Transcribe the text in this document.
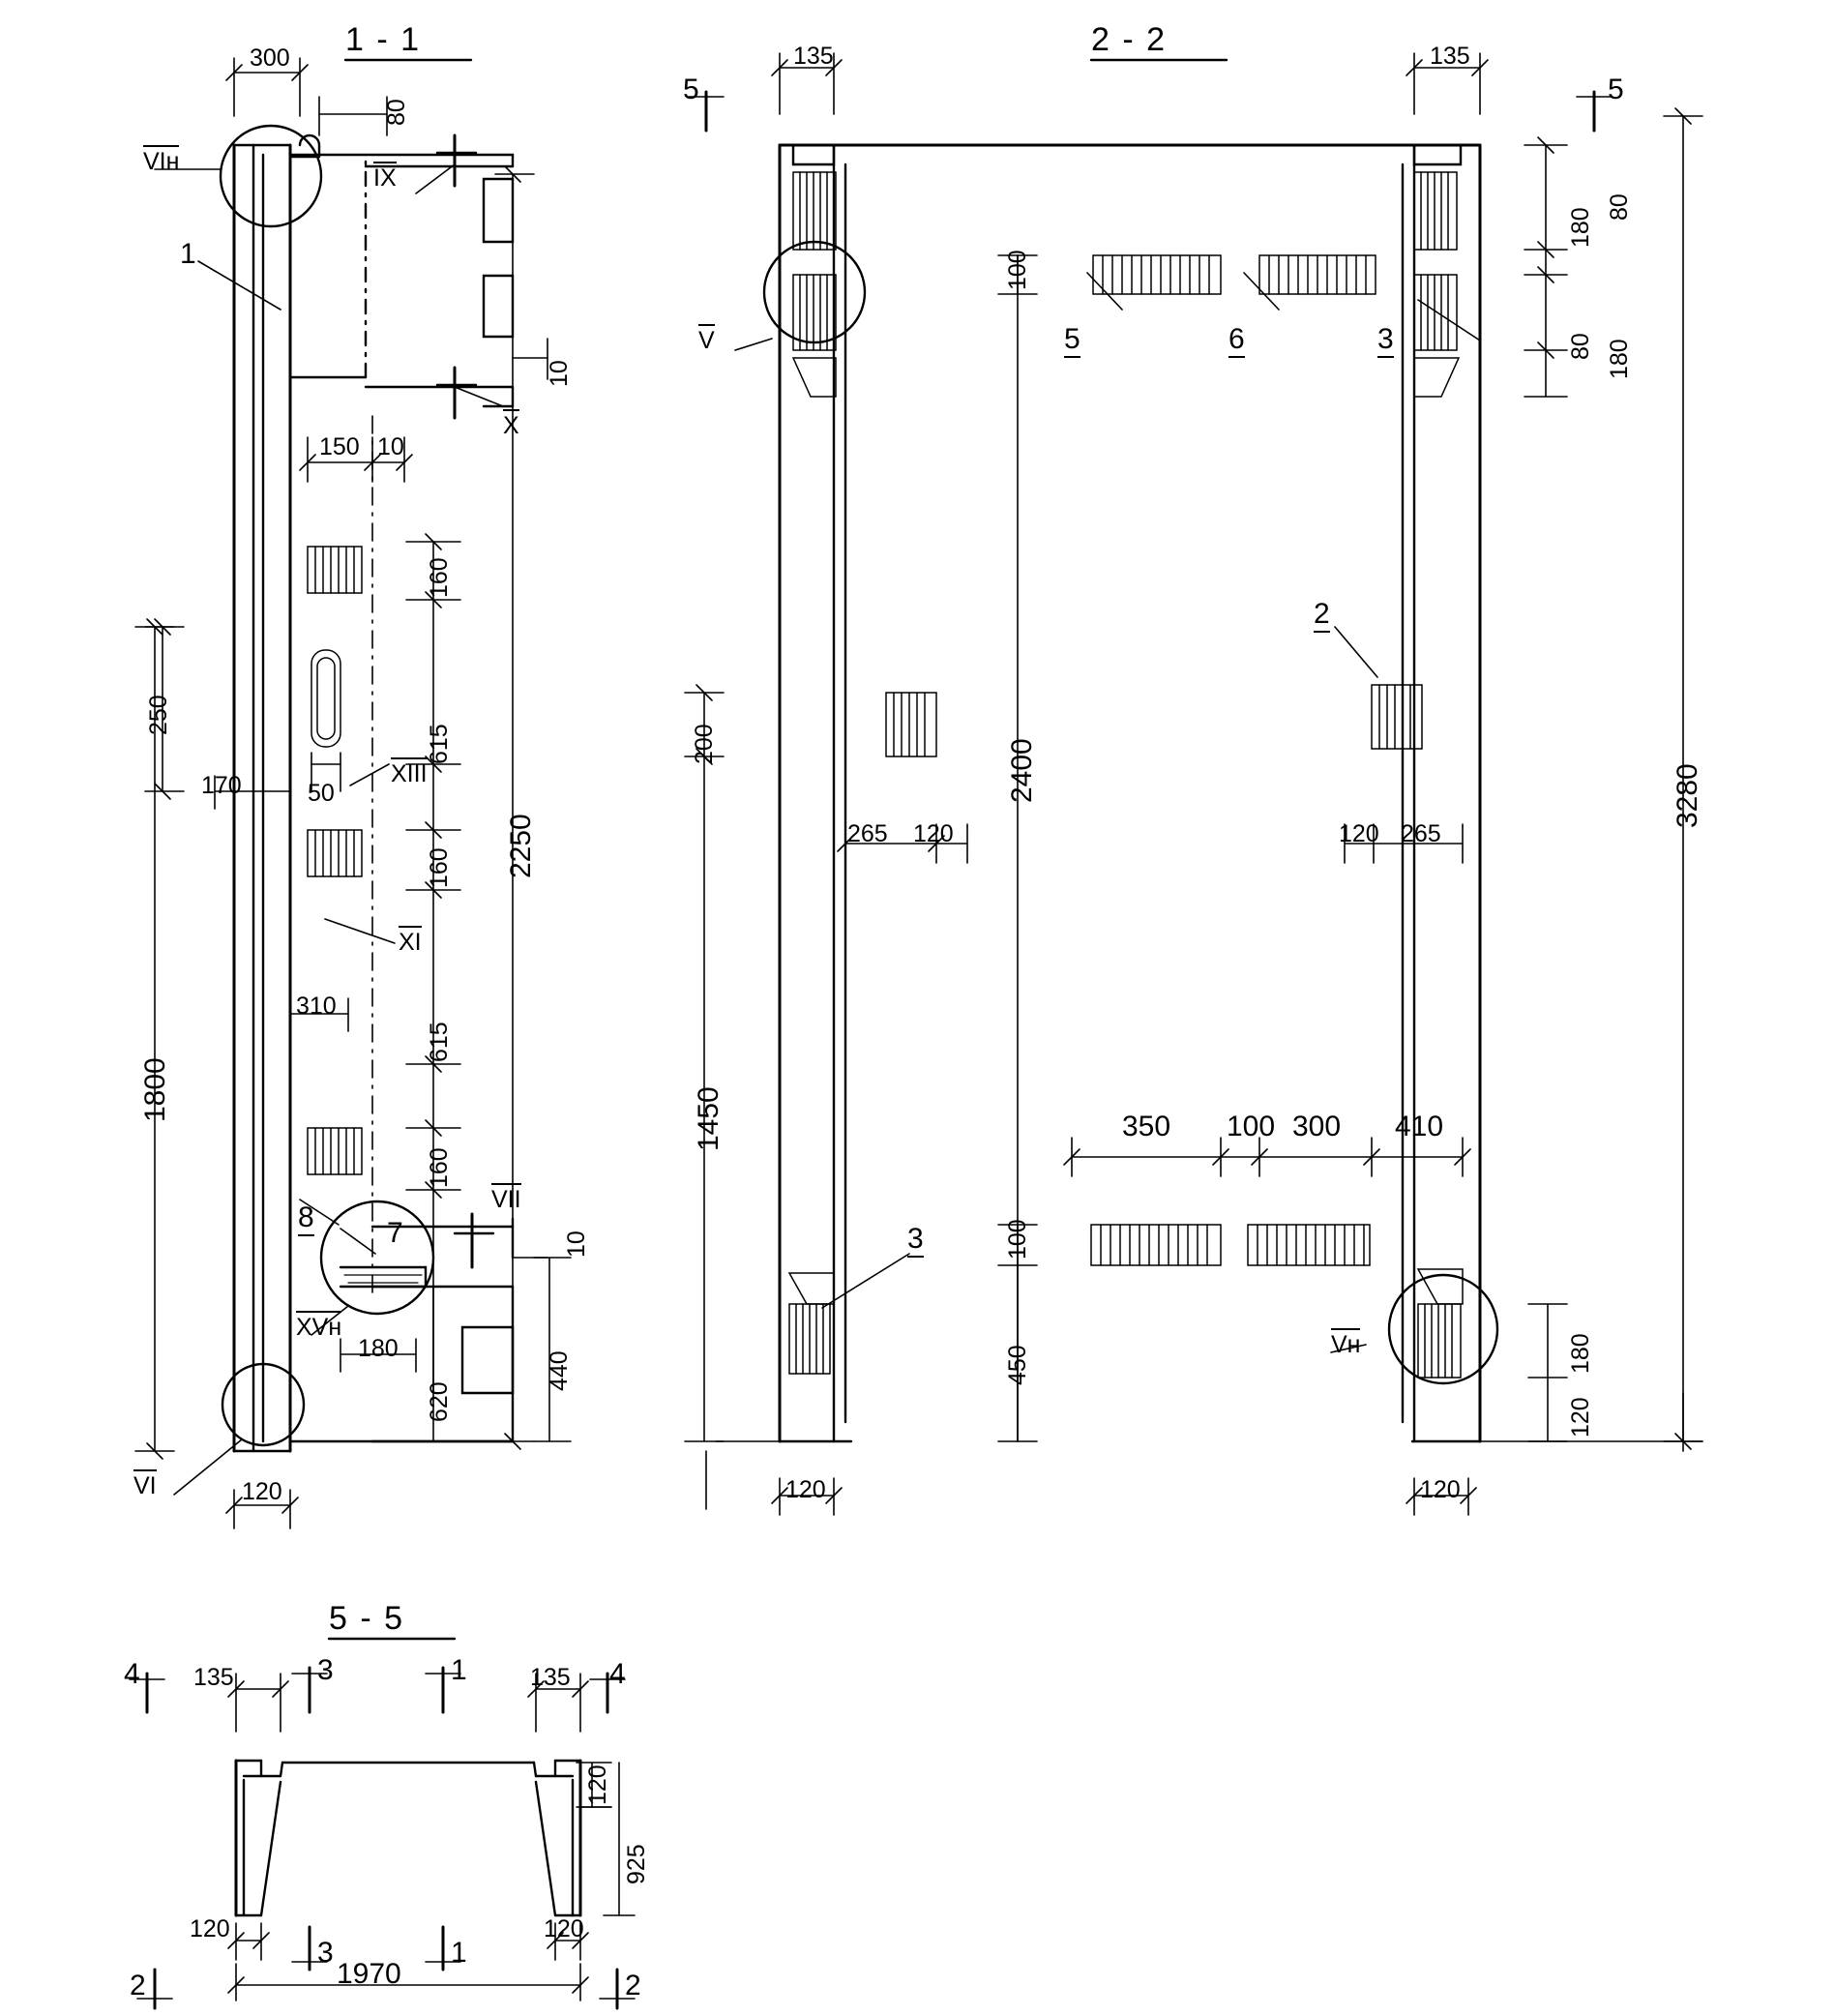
1 - 1	2 - 2
5 - 5
300
80
10
150 10
160
615
50
160
615
160
2250
250
170
310
1800
180
620
440
10
120
VIн
IX
X
XIII
XI
VII
XVн
VI
1
8	7
135	135
180
80
80 180
3280
100
200	2400
265 120	120 265
1450	350 100 300 410
100
450	180
120
120	120
5	5
V
Vн
5	6	3
2
3
135	135
120
925
120	120
1970
4	4
3
3
1
1
2	2
